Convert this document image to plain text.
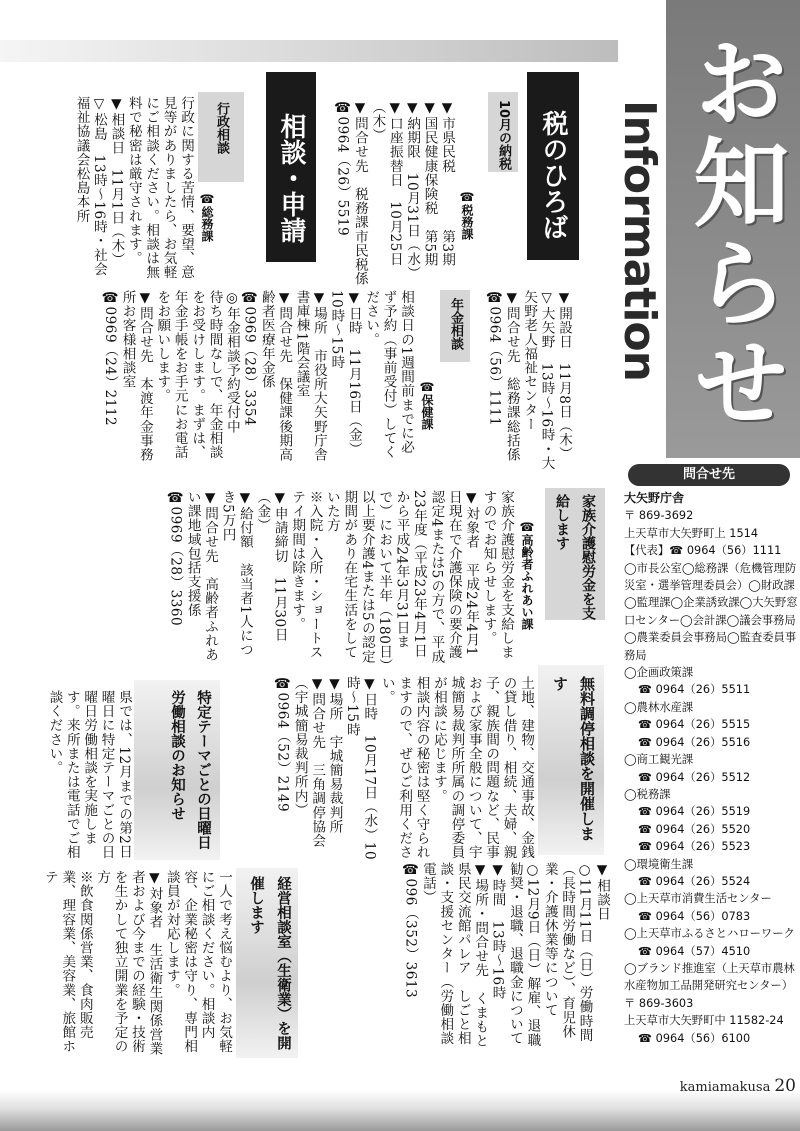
お知らせ
Information
問合せ先
大矢野庁舎
〒 869-3692
上天草市大矢野町上 1514
【代表】☎ 0964（56）1111
◯市長公室◯総務課（危機管理防災室・選挙管理委員会）◯財政課◯監理課◯企業誘致課◯大矢野窓口センター◯会計課◯議会事務局◯農業委員会事務局◯監査委員事務局
◯企画政策課
☎ 0964（26）5511
◯農林水産課
☎ 0964（26）5515
☎ 0964（26）5516
◯商工観光課
☎ 0964（26）5512
◯税務課
☎ 0964（26）5519
☎ 0964（26）5520
☎ 0964（26）5523
◯環境衛生課
☎ 0964（26）5524
◯上天草市消費生活センター
☎ 0964（56）0783
◯上天草市ふるさとハローワーク
☎ 0964（57）4510
◯ブランド推進室（上天草市農林水産物加工品開発研究センター）
〒 869-3603
上天草市大矢野町中 11582-24
☎ 0964（56）6100
kamiamakusa 20
税のひろば
10月の納税
☎税務課
▼市県民税　　　　第3期
▼国民健康保険税　第5期
▼納期限　10月31日（水）
▼口座振替日　10月25日（木）
▼問合せ先　税務課市民税係
☎0964（26）5519
相談・申請
行政相談
☎総務課
行政に関する苦情、要望、意見等がありましたら、お気軽にご相談ください。相談は無料で秘密は厳守されます。
▼相談日　11月1日（木）
▽松島　13時～16時・社会福祉協議会松島本所
▼開設日　11月8日（木）
▽大矢野　13時～16時・大矢野老人福祉センター
▼問合せ先　総務課総括係
☎0964（56）1111
年金相談
☎保健課
相談日の1週間前までに必ず予約（事前受付）してください。
▼日時　11月16日（金）10時～15時
▼場所　市役所大矢野庁舎書庫棟1階会議室
▼問合せ先　保健課後期高齢者医療年金係
☎0969（28）3354
◎年金相談予約受付中
待ち時間なしで、年金相談をお受けします。まずは、年金手帳をお手元にお電話をお願いします。
▼問合せ先　本渡年金事務所お客様相談室
☎0969（24）2112
家族介護慰労金を支給します
☎高齢者ふれあい課
家族介護慰労金を支給しますのでお知らせします。
▼対象者　平成24年4月1日現在で介護保険の要介護認定4または5の方で、平成23年度（平成23年4月1日から平成24年3月31日まで）において半年（180日）以上要介護4または5の認定期間があり在宅生活をしていた方
※入院・入所・ショートステイ期間は除きます。
▼申請締切　11月30日（金）
▼給付額　該当者1人につき5万円
▼問合せ先　高齢者ふれあい課地域包括支援係
☎0969（28）3360
無料調停相談を開催します
土地、建物、交通事故、金銭の貸し借り、相続、夫婦、親子、親族間の問題など、民事および家事全般について、宇城簡易裁判所所属の調停委員が相談に応じます。
相談内容の秘密は堅く守られますので、ぜひご利用ください。
▼日時　10月17日（水）10時～15時
▼場所　宇城簡易裁判所
▼問合せ先　三角調停協会（宇城簡易裁判所内）
☎0964（52）2149
特定テーマごとの日曜日労働相談のお知らせ
県では、12月までの第2日曜日に特定テーマごとの日曜日労働相談を実施します。来所または電話でご相談ください。
▼相談日
○11月11日（日）労働時間（長時間労働など）、育児休業・介護休業等について
○12月9日（日）解雇、退職勧奨・退職、退職金について
▼時間　13時～16時
▼場所・問合せ先　くまもと県民交流館パレア　しごと相談・支援センター（労働相談電話）
☎096（352）3613
経営相談室（生衛業）を開催します
一人で考え悩むより、お気軽にご相談ください。相談内容、企業秘密は守り、専門相談員が対応します。
▼対象者　生活衛生関係営業者および今までの経験・技術を生かして独立開業を予定の方
※飲食関係営業、食肉販売業、理容業、美容業、旅館ホテ
